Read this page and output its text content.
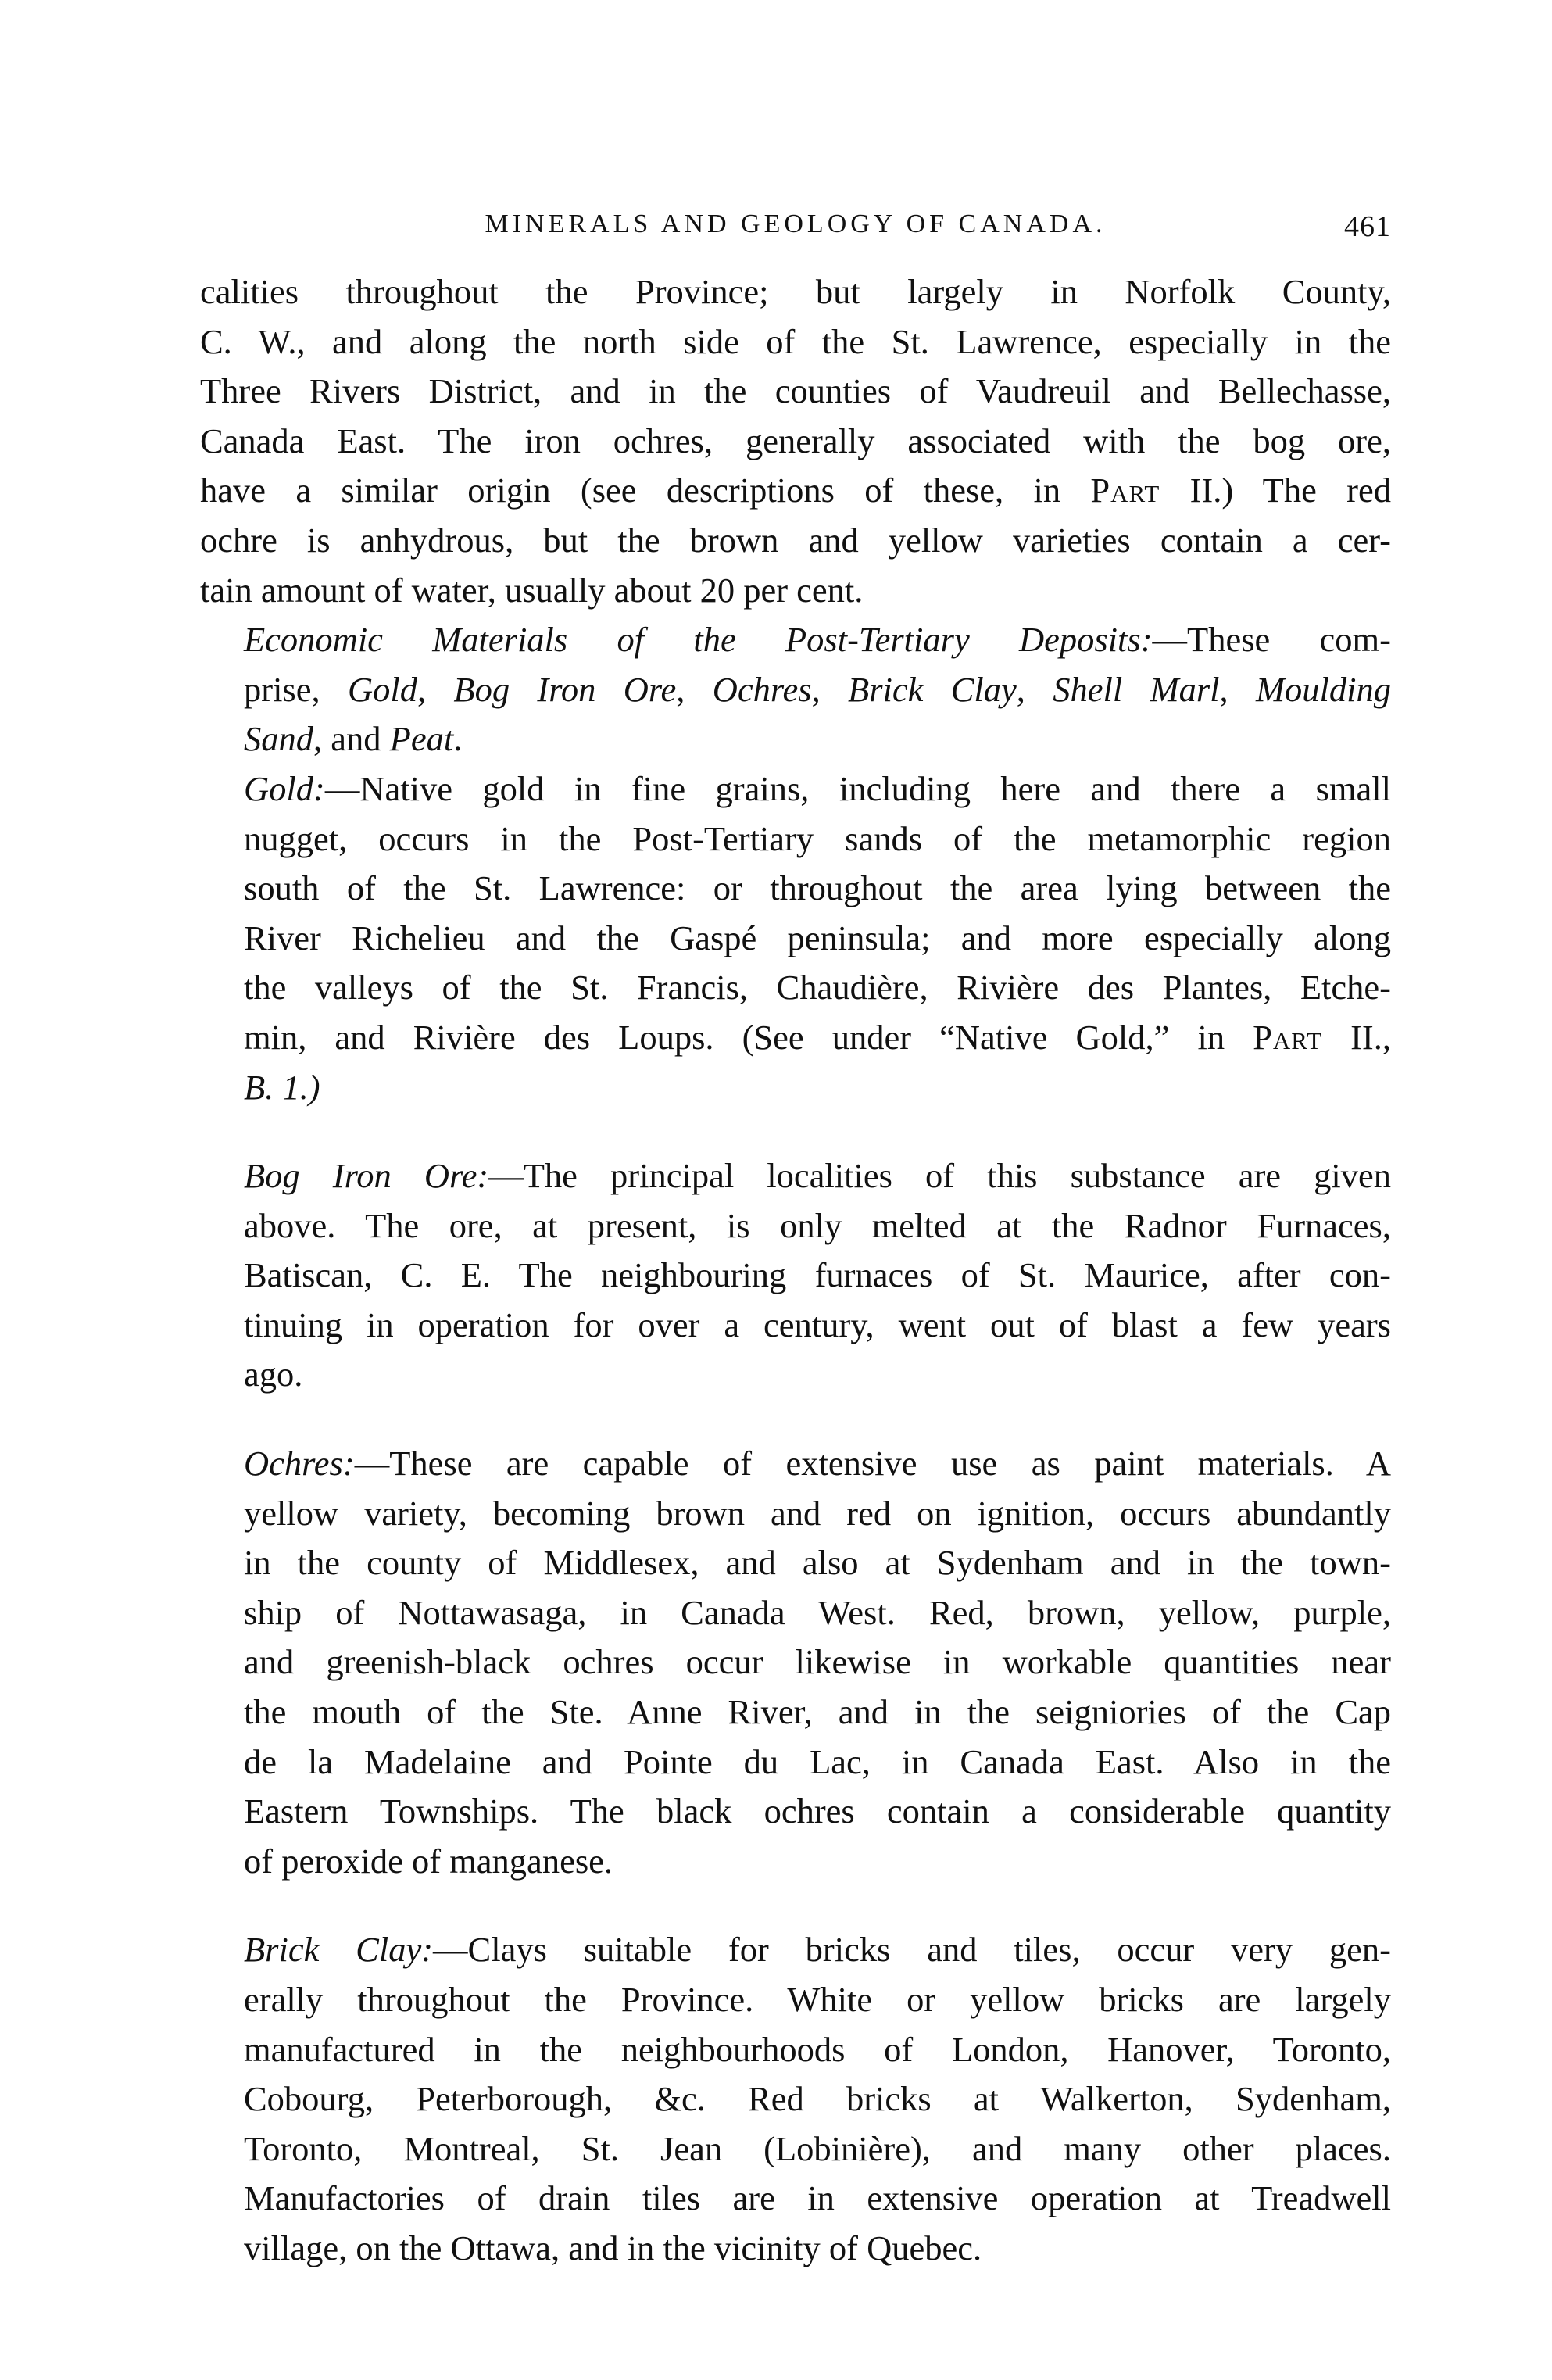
MINERALS AND GEOLOGY OF CANADA.	461

calities throughout the Province; but largely in Norfolk County,
C. W., and along the north side of the St. Lawrence, especially in the
Three Rivers District, and in the counties of Vaudreuil and Bellechasse,
Canada East. The iron ochres, generally associated with the bog ore,
have a similar origin (see descriptions of these, in Part II.) The red
ochre is anhydrous, but the brown and yellow varieties contain a cer-
tain amount of water, usually about 20 per cent.

Economic Materials of the Post-Tertiary Deposits:—These com-
prise, Gold, Bog Iron Ore, Ochres, Brick Clay, Shell Marl, Moulding
Sand, and Peat.

Gold:—Native gold in fine grains, including here and there a small
nugget, occurs in the Post-Tertiary sands of the metamorphic region
south of the St. Lawrence: or throughout the area lying between the
River Richelieu and the Gaspé peninsula; and more especially along
the valleys of the St. Francis, Chaudière, Rivière des Plantes, Etche-
min, and Rivière des Loups. (See under “Native Gold,” in Part II.,
B. 1.)

Bog Iron Ore:—The principal localities of this substance are given
above. The ore, at present, is only melted at the Radnor Furnaces,
Batiscan, C. E. The neighbouring furnaces of St. Maurice, after con-
tinuing in operation for over a century, went out of blast a few years
ago.

Ochres:—These are capable of extensive use as paint materials. A
yellow variety, becoming brown and red on ignition, occurs abundantly
in the county of Middlesex, and also at Sydenham and in the town-
ship of Nottawasaga, in Canada West. Red, brown, yellow, purple,
and greenish-black ochres occur likewise in workable quantities near
the mouth of the Ste. Anne River, and in the seigniories of the Cap
de la Madelaine and Pointe du Lac, in Canada East. Also in the
Eastern Townships. The black ochres contain a considerable quantity
of peroxide of manganese.

Brick Clay:—Clays suitable for bricks and tiles, occur very gen-
erally throughout the Province. White or yellow bricks are largely
manufactured in the neighbourhoods of London, Hanover, Toronto,
Cobourg, Peterborough, &c. Red bricks at Walkerton, Sydenham,
Toronto, Montreal, St. Jean (Lobinière), and many other places.
Manufactories of drain tiles are in extensive operation at Treadwell
village, on the Ottawa, and in the vicinity of Quebec.
